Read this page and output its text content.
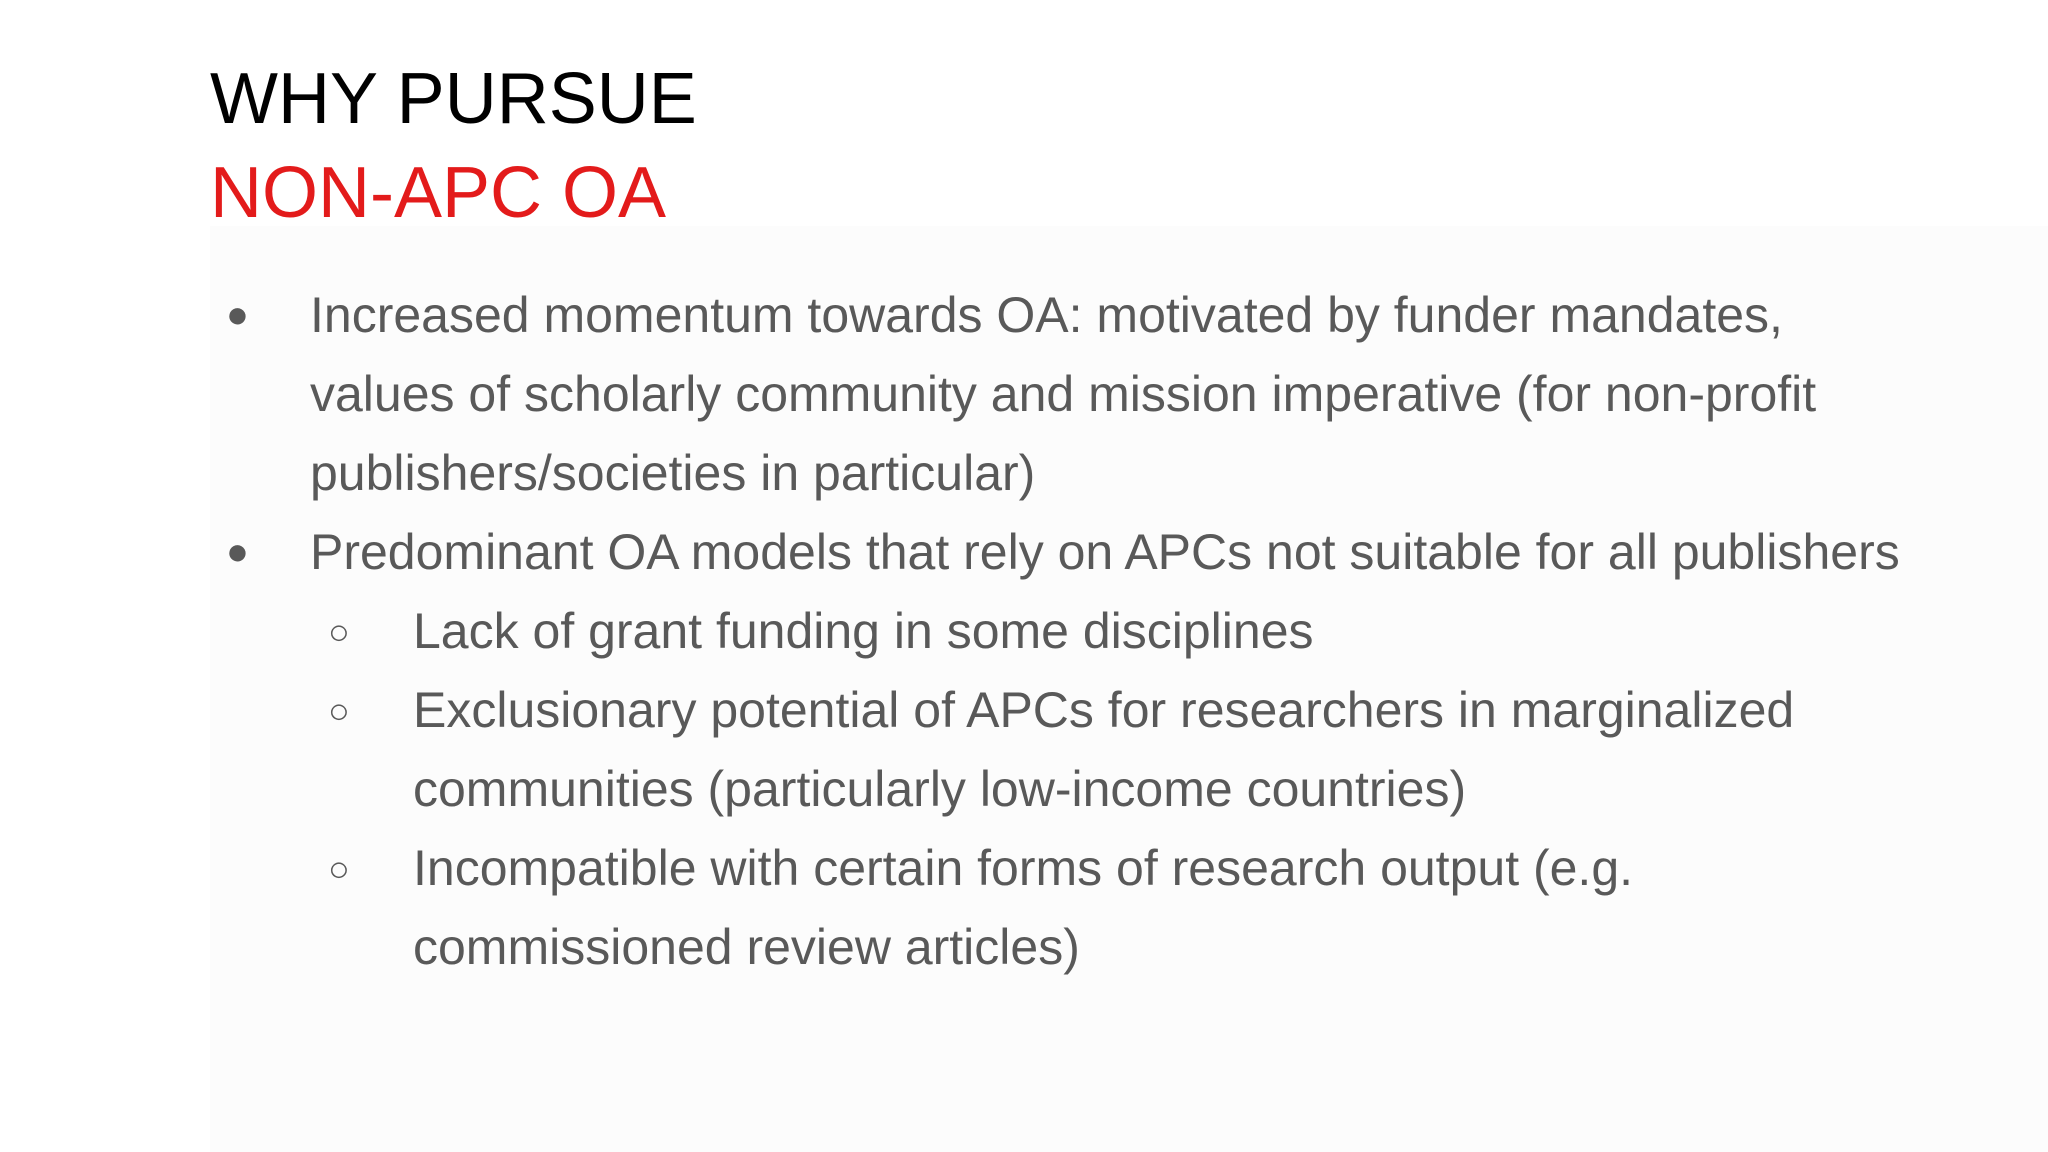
WHY PURSUE
NON-APC OA
● Increased momentum towards OA: motivated by funder mandates, values of scholarly community and mission imperative (for non-profit publishers/societies in particular)
● Predominant OA models that rely on APCs not suitable for all publishers
○ Lack of grant funding in some disciplines
○ Exclusionary potential of APCs for researchers in marginalized communities (particularly low-income countries)
○ Incompatible with certain forms of research output (e.g. commissioned review articles)
